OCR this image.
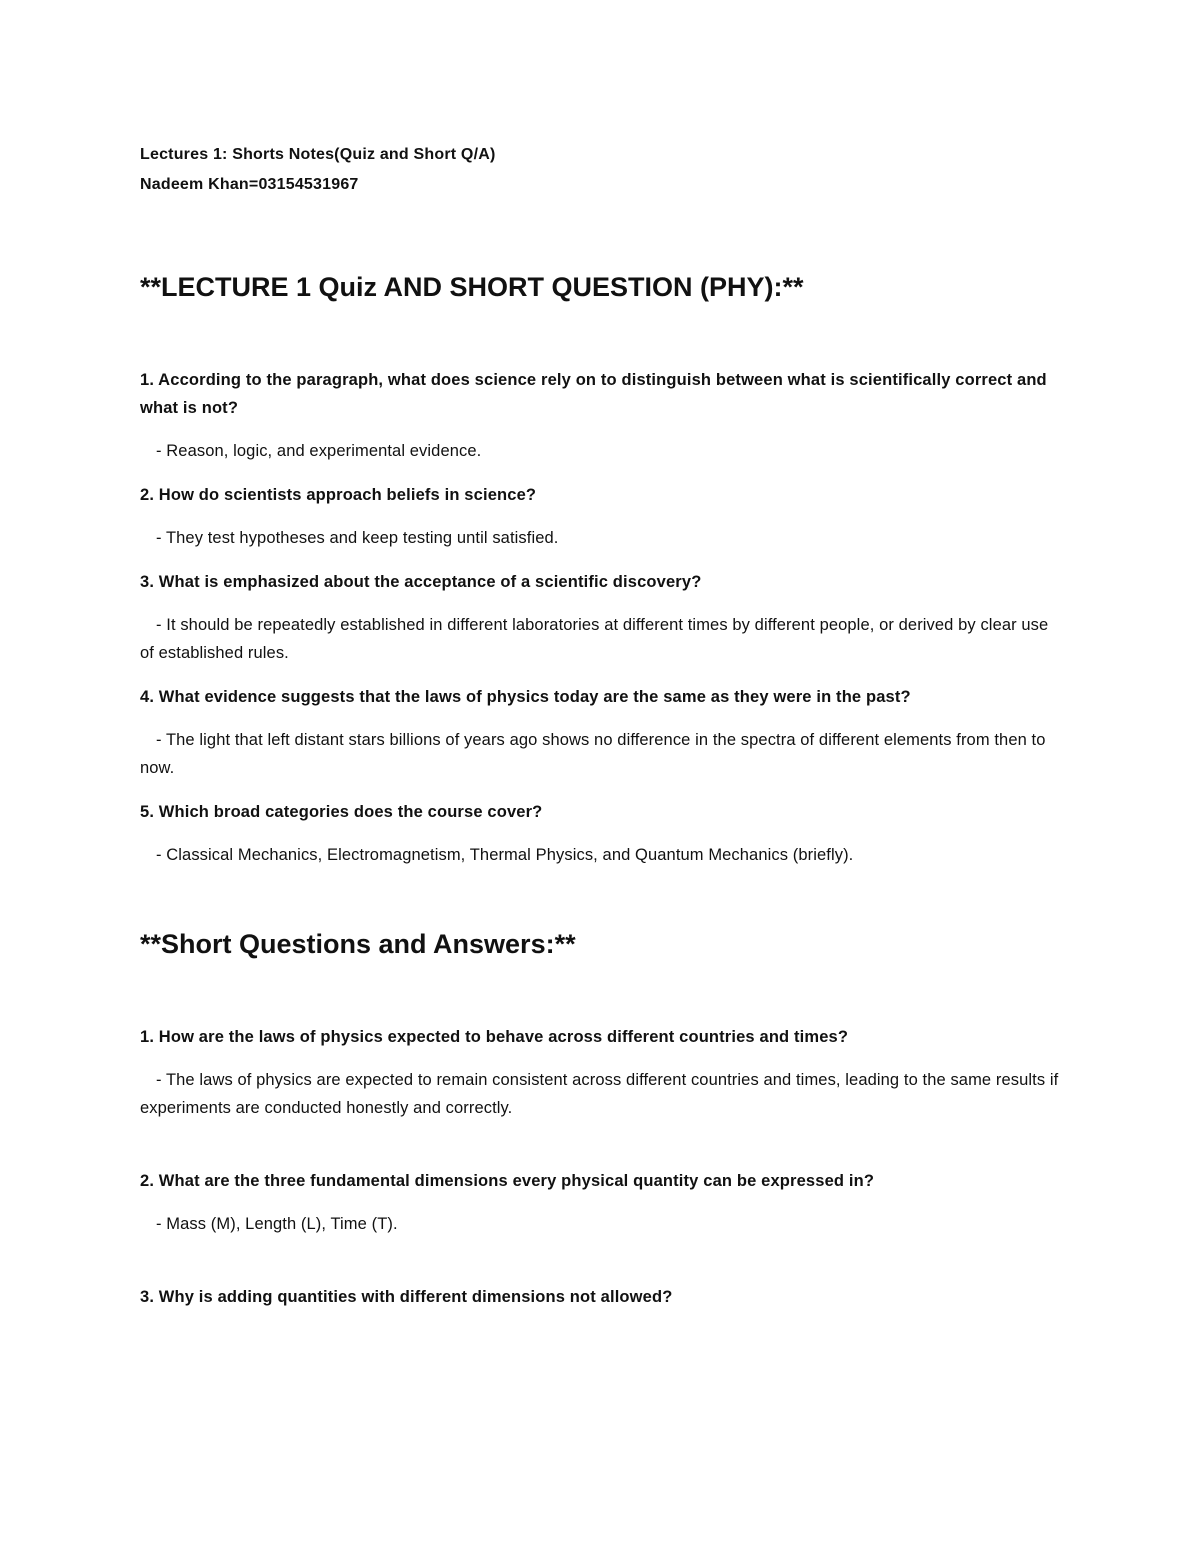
Lectures 1: Shorts Notes(Quiz and Short Q/A)
Nadeem Khan=03154531967
**LECTURE 1 Quiz AND SHORT QUESTION (PHY):**
1. According to the paragraph, what does science rely on to distinguish between what is scientifically correct and what is not?
- Reason, logic, and experimental evidence.
2. How do scientists approach beliefs in science?
- They test hypotheses and keep testing until satisfied.
3. What is emphasized about the acceptance of a scientific discovery?
- It should be repeatedly established in different laboratories at different times by different people, or derived by clear use of established rules.
4. What evidence suggests that the laws of physics today are the same as they were in the past?
- The light that left distant stars billions of years ago shows no difference in the spectra of different elements from then to now.
5. Which broad categories does the course cover?
- Classical Mechanics, Electromagnetism, Thermal Physics, and Quantum Mechanics (briefly).
**Short Questions and Answers:**
1. How are the laws of physics expected to behave across different countries and times?
- The laws of physics are expected to remain consistent across different countries and times, leading to the same results if experiments are conducted honestly and correctly.
2. What are the three fundamental dimensions every physical quantity can be expressed in?
- Mass (M), Length (L), Time (T).
3. Why is adding quantities with different dimensions not allowed?
